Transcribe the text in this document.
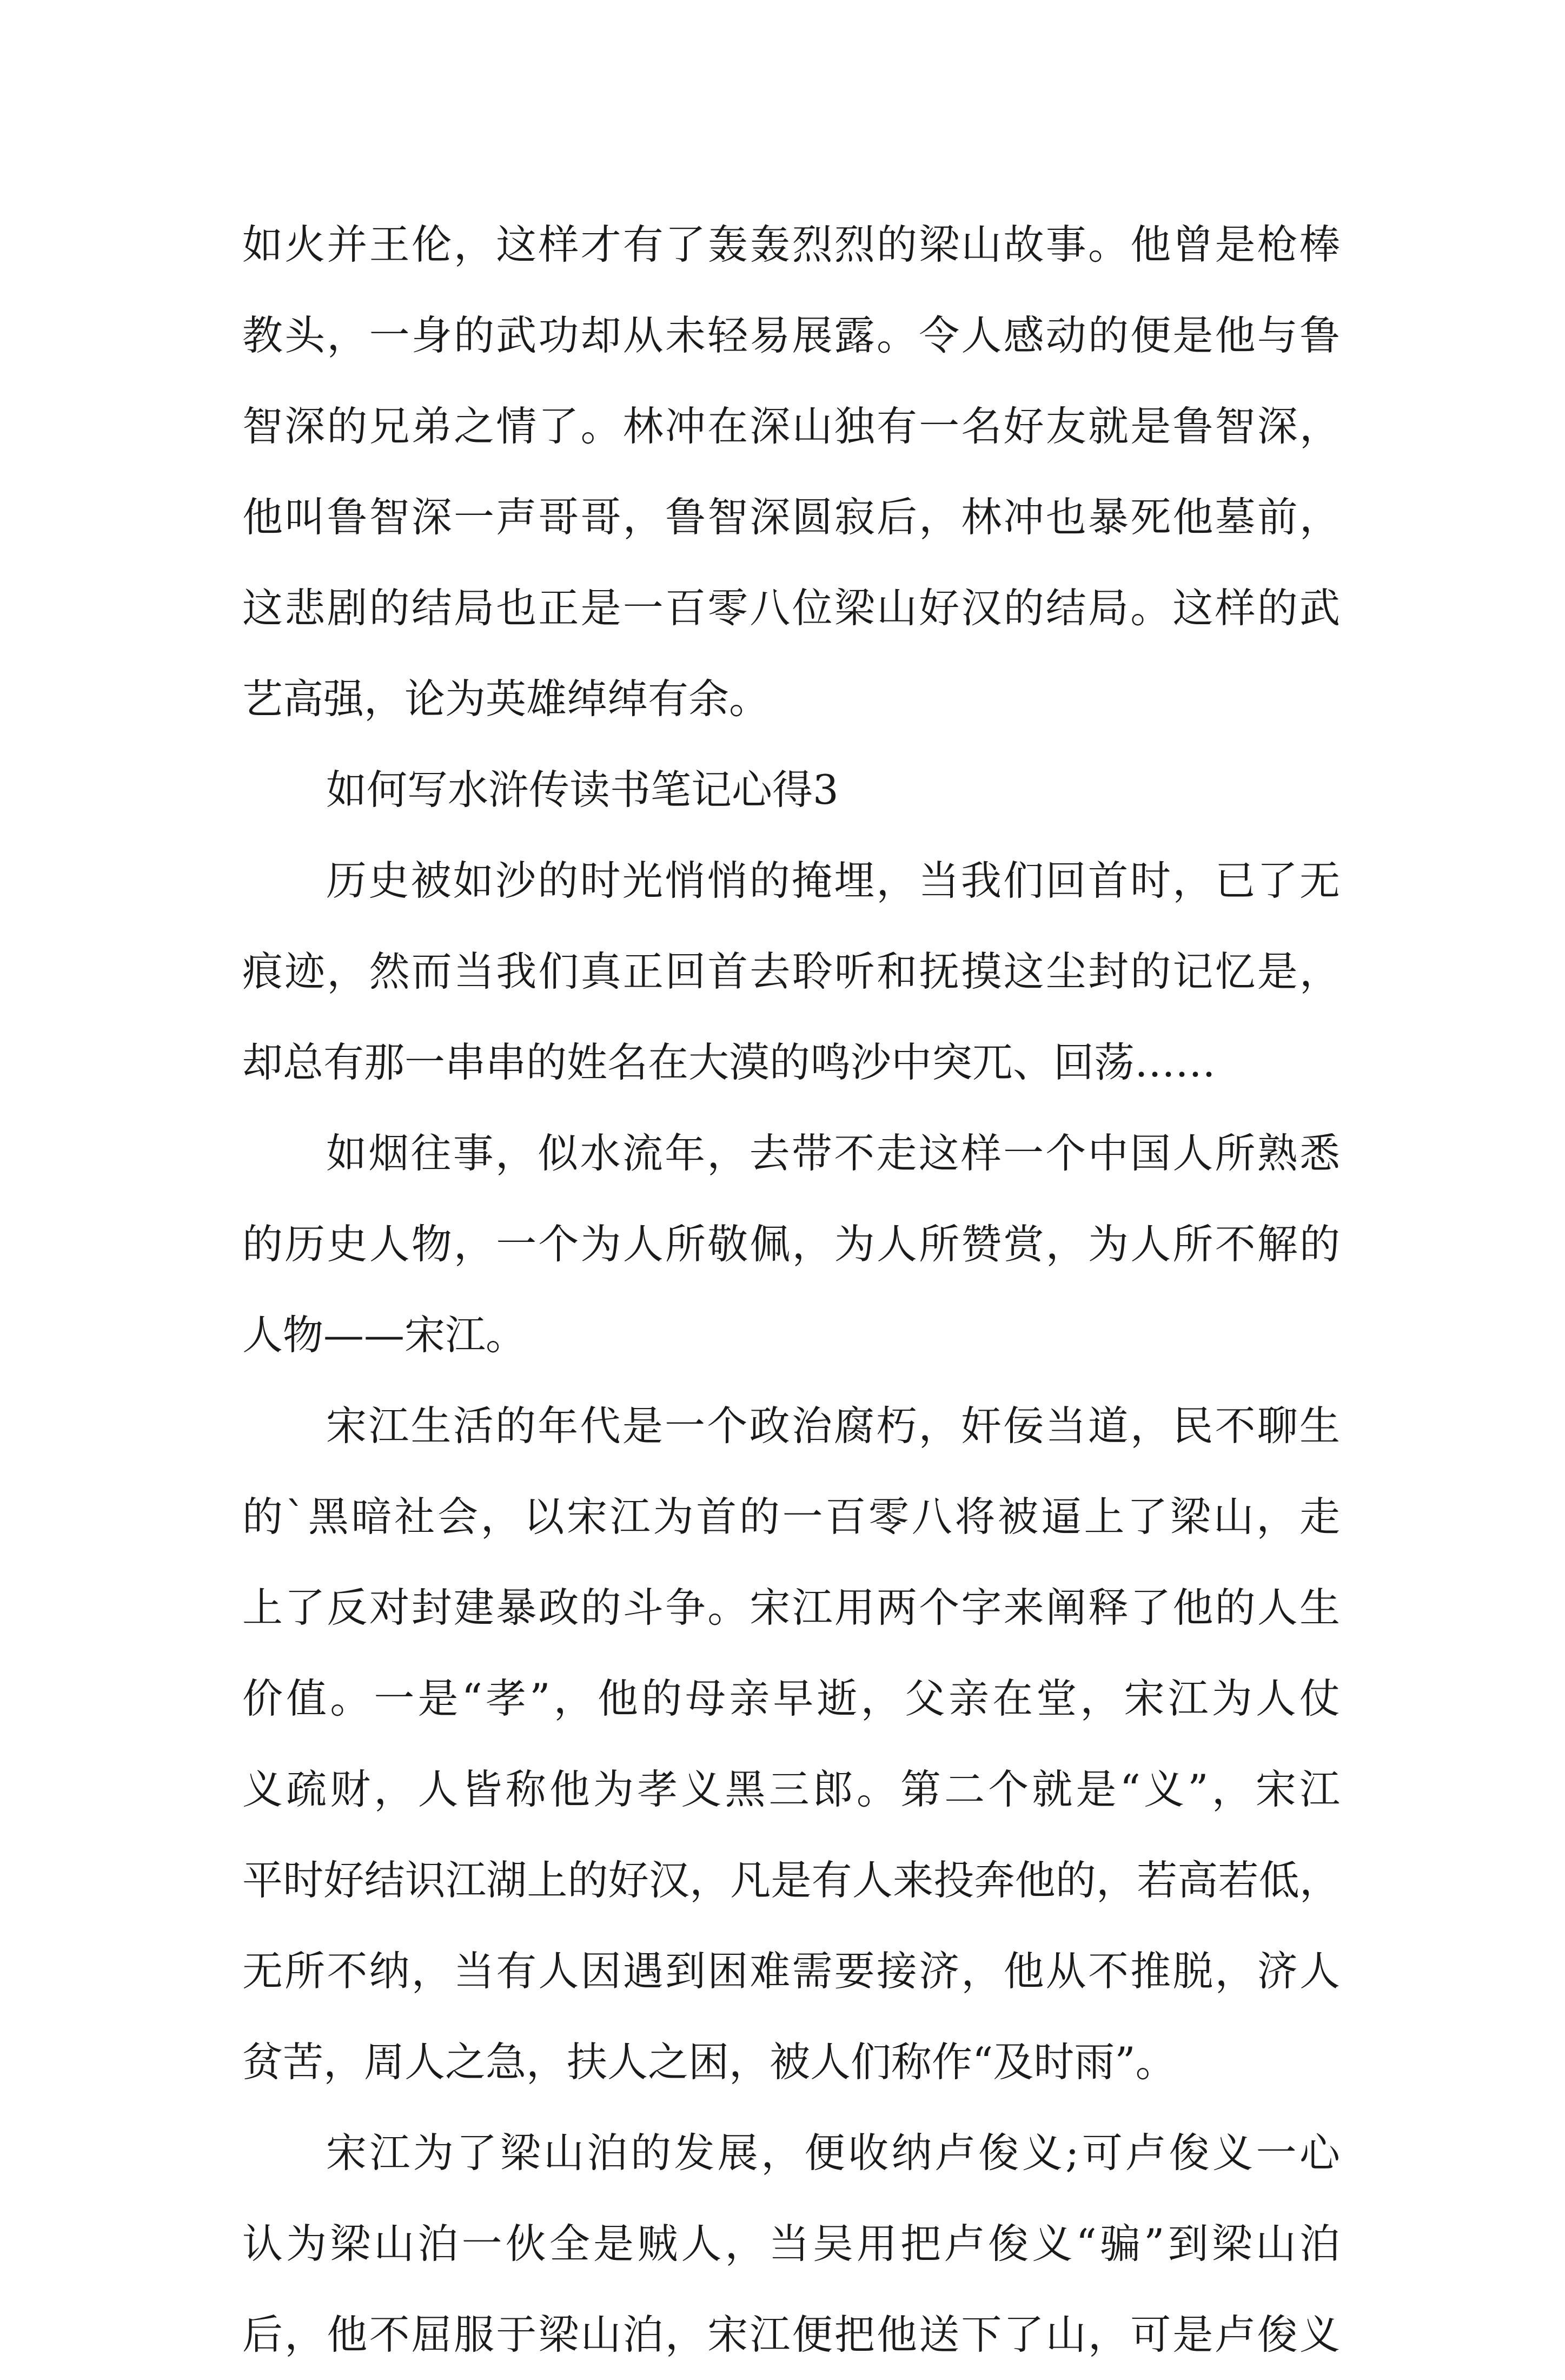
如火并王伦，这样才有了轰轰烈烈的梁山故事。他曾是枪棒
教头，一身的武功却从未轻易展露。令人感动的便是他与鲁
智深的兄弟之情了。林冲在深山独有一名好友就是鲁智深，
他叫鲁智深一声哥哥，鲁智深圆寂后，林冲也暴死他墓前，
这悲剧的结局也正是一百零八位梁山好汉的结局。这样的武
艺高强，论为英雄绰绰有余。
如何写水浒传读书笔记心得3
历史被如沙的时光悄悄的掩埋，当我们回首时，已了无
痕迹，然而当我们真正回首去聆听和抚摸这尘封的记忆是，
却总有那一串串的姓名在大漠的鸣沙中突兀、回荡……
如烟往事，似水流年，去带不走这样一个中国人所熟悉
的历史人物，一个为人所敬佩，为人所赞赏，为人所不解的
人物——宋江。
宋江生活的年代是一个政治腐朽，奸佞当道，民不聊生
的`黑暗社会，以宋江为首的一百零八将被逼上了梁山，走
上了反对封建暴政的斗争。宋江用两个字来阐释了他的人生
价值。一是“孝”，他的母亲早逝，父亲在堂，宋江为人仗
义疏财，人皆称他为孝义黑三郎。第二个就是“义”，宋江
平时好结识江湖上的好汉，凡是有人来投奔他的，若高若低，
无所不纳，当有人因遇到困难需要接济，他从不推脱，济人
贫苦，周人之急，扶人之困，被人们称作“及时雨”。
宋江为了梁山泊的发展，便收纳卢俊义;可卢俊义一心
认为梁山泊一伙全是贼人，当吴用把卢俊义“骗”到梁山泊
后，他不屈服于梁山泊，宋江便把他送下了山，可是卢俊义
